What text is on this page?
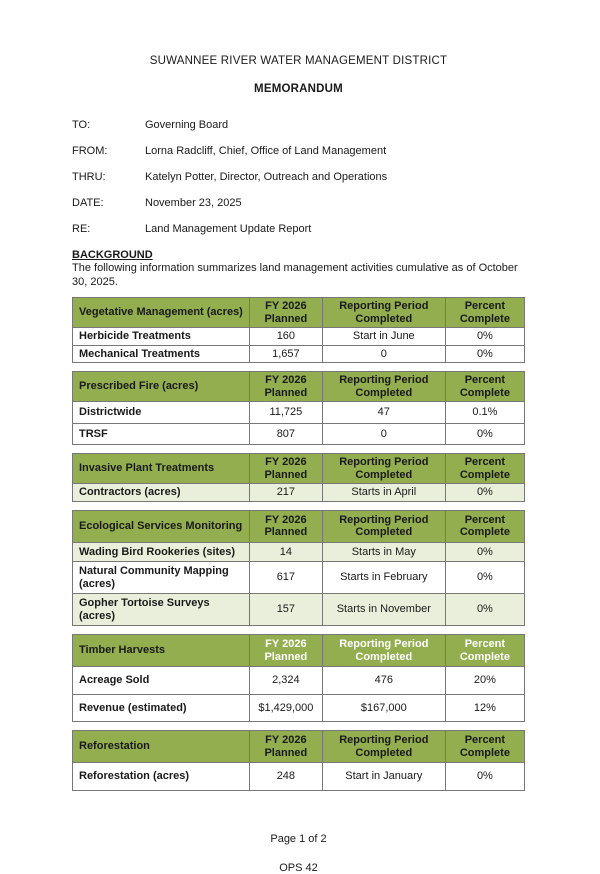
SUWANNEE RIVER WATER MANAGEMENT DISTRICT
MEMORANDUM
TO:	Governing Board
FROM:	Lorna Radcliff, Chief, Office of Land Management
THRU:	Katelyn Potter, Director, Outreach and Operations
DATE:	November 23, 2025
RE:	Land Management Update Report
BACKGROUND
The following information summarizes land management activities cumulative as of October 30, 2025.
Vegetative Management (acres)	FY 2026 Planned	Reporting Period Completed	Percent Complete
Herbicide Treatments	160	Start in June	0%
Mechanical Treatments	1,657	0	0%
Prescribed Fire (acres)	FY 2026 Planned	Reporting Period Completed	Percent Complete
Districtwide	11,725	47	0.1%
TRSF	807	0	0%
Invasive Plant Treatments	FY 2026 Planned	Reporting Period Completed	Percent Complete
Contractors (acres)	217	Starts in April	0%
Ecological Services Monitoring	FY 2026 Planned	Reporting Period Completed	Percent Complete
Wading Bird Rookeries (sites)	14	Starts in May	0%
Natural Community Mapping (acres)	617	Starts in February	0%
Gopher Tortoise Surveys (acres)	157	Starts in November	0%
Timber Harvests	FY 2026 Planned	Reporting Period Completed	Percent Complete
Acreage Sold	2,324	476	20%
Revenue (estimated)	$1,429,000	$167,000	12%
Reforestation	FY 2026 Planned	Reporting Period Completed	Percent Complete
Reforestation (acres)	248	Start in January	0%
Page 1 of 2
OPS 42
